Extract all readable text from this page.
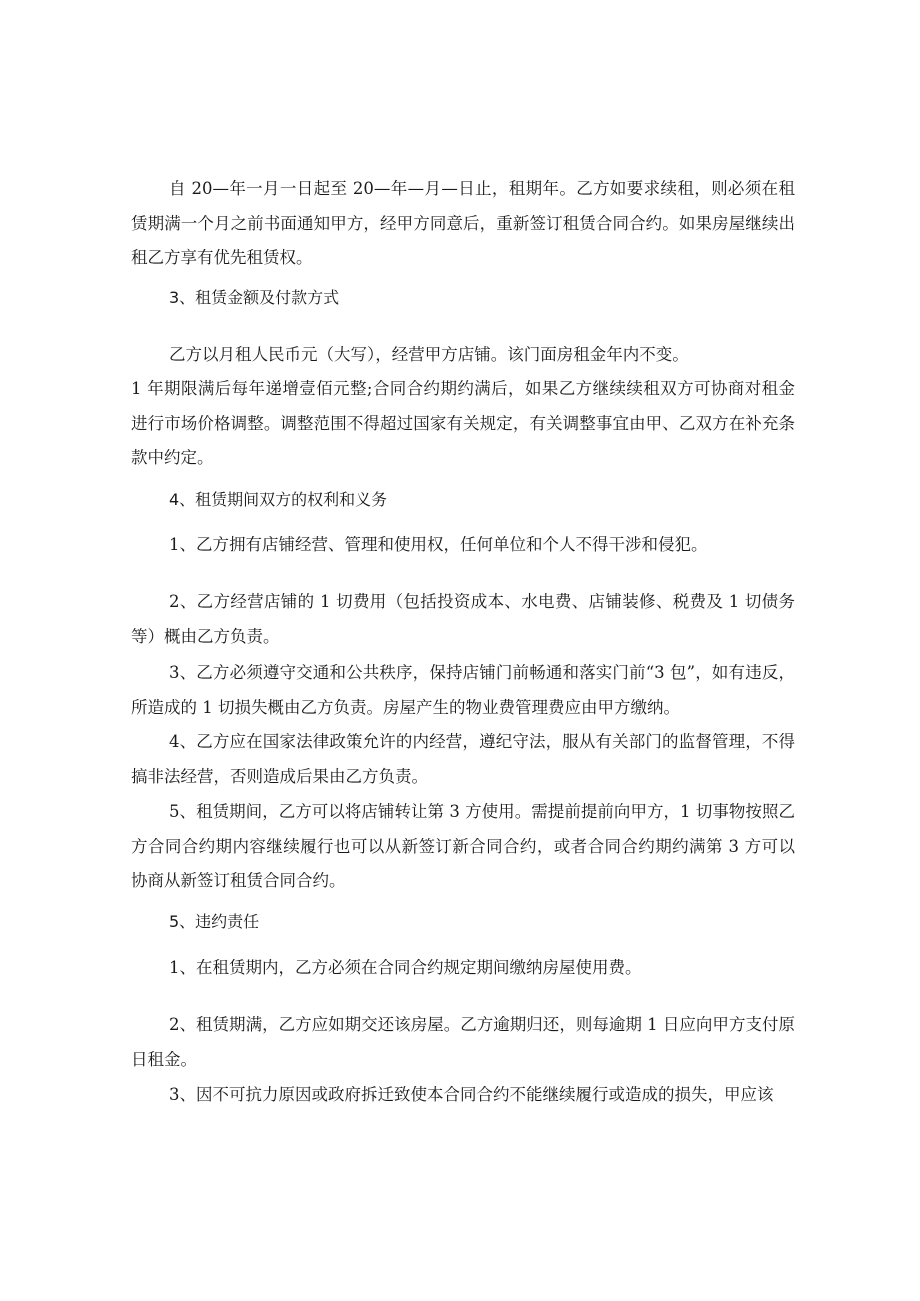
自 20—年一月一日起至 20—年—月—日止，租期年。乙方如要求续租，则必须在租赁期满一个月之前书面通知甲方，经甲方同意后，重新签订租赁合同合约。如果房屋继续出租乙方享有优先租赁权。

3、租赁金额及付款方式

乙方以月租人民币元（大写），经营甲方店铺。该门面房租金年内不变。

1 年期限满后每年递增壹佰元整;合同合约期约满后，如果乙方继续续租双方可协商对租金进行市场价格调整。调整范围不得超过国家有关规定，有关调整事宜由甲、乙双方在补充条款中约定。

4、租赁期间双方的权利和义务

1、乙方拥有店铺经营、管理和使用权，任何单位和个人不得干涉和侵犯。

2、乙方经营店铺的 1 切费用（包括投资成本、水电费、店铺装修、税费及 1 切债务等）概由乙方负责。

3、乙方必须遵守交通和公共秩序，保持店铺门前畅通和落实门前“3 包”，如有违反，所造成的 1 切损失概由乙方负责。房屋产生的物业费管理费应由甲方缴纳。

4、乙方应在国家法律政策允许的内经营，遵纪守法，服从有关部门的监督管理，不得搞非法经营，否则造成后果由乙方负责。

5、租赁期间，乙方可以将店铺转让第 3 方使用。需提前提前向甲方，1 切事物按照乙方合同合约期内容继续履行也可以从新签订新合同合约，或者合同合约期约满第 3 方可以协商从新签订租赁合同合约。

5、违约责任

1、在租赁期内，乙方必须在合同合约规定期间缴纳房屋使用费。

2、租赁期满，乙方应如期交还该房屋。乙方逾期归还，则每逾期 1 日应向甲方支付原日租金。

3、因不可抗力原因或政府拆迁致使本合同合约不能继续履行或造成的损失，甲应该
